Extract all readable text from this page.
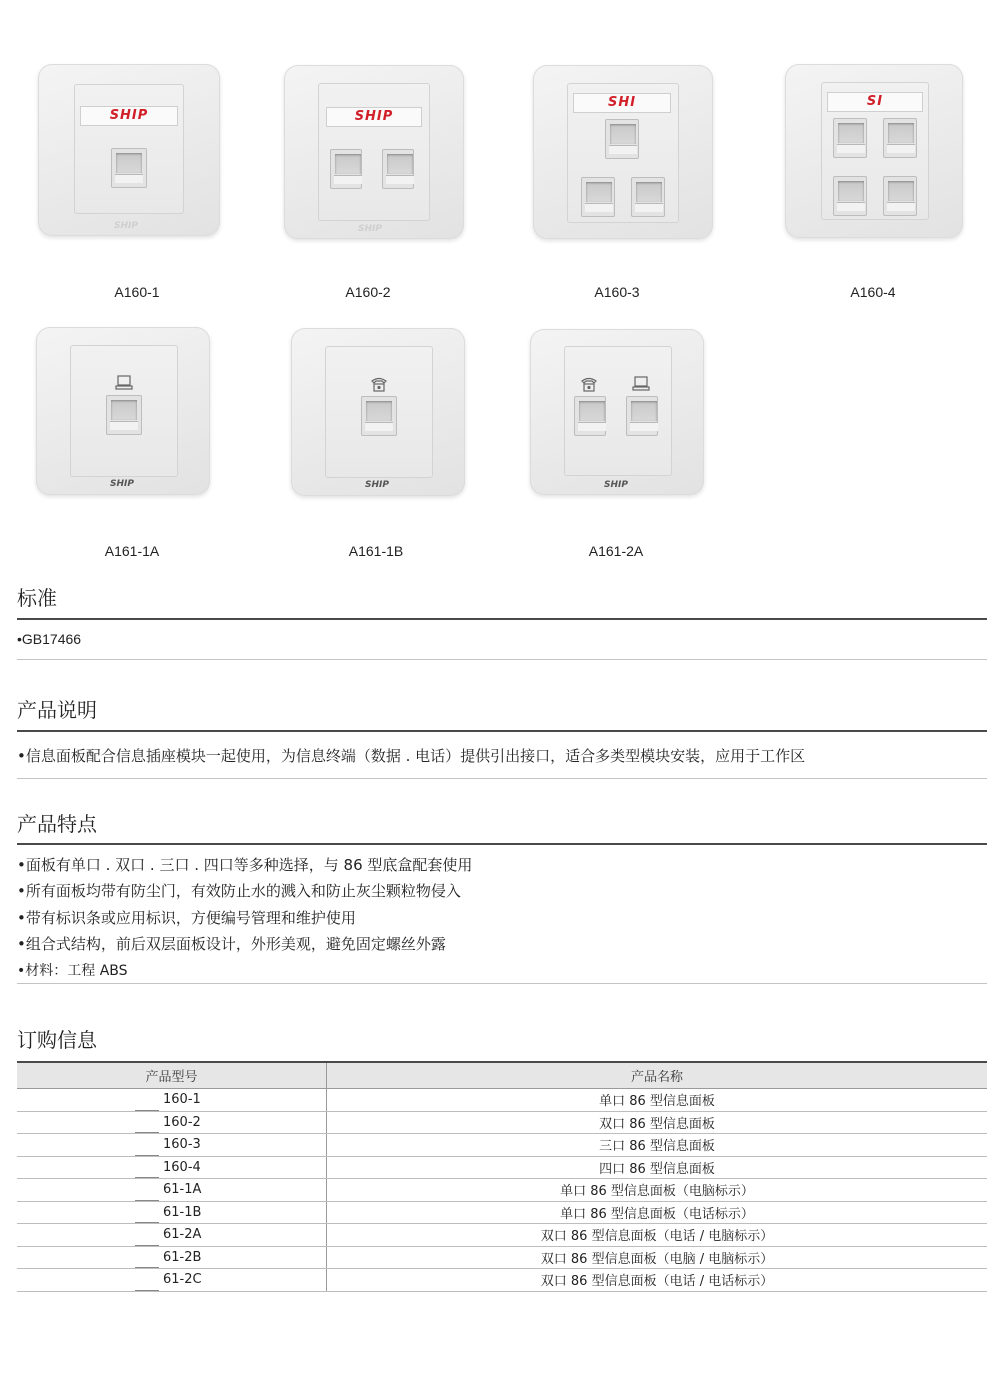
SHIP
SHIP
A160-1
SHIP
SHIP
A160-2
SHI
A160-3
SI
A160-4
SHIP
A161-1A
SHIP
A161-1B
SHIP
A161-2A
标准
•GB17466
产品说明
•信息面板配合信息插座模块一起使用，为信息终端（数据 . 电话）提供引出接口，适合多类型模块安装，应用于工作区
产品特点
•面板有单口 . 双口 . 三口 . 四口等多种选择，与 86 型底盒配套使用
•所有面板均带有防尘门，有效防止水的溅入和防止灰尘颗粒物侵入
•带有标识条或应用标识，方便编号管理和维护使用
•组合式结构，前后双层面板设计，外形美观，避免固定螺丝外露
•材料：工程 ABS
订购信息
产品型号	产品名称

160-1	单口 86 型信息面板

160-2	双口 86 型信息面板

160-3	三口 86 型信息面板

160-4	四口 86 型信息面板

61-1A	单口 86 型信息面板（电脑标示）

61-1B	单口 86 型信息面板（电话标示）

61-2A	双口 86 型信息面板（电话 / 电脑标示）

61-2B	双口 86 型信息面板（电脑 / 电脑标示）

61-2C	双口 86 型信息面板（电话 / 电话标示）
